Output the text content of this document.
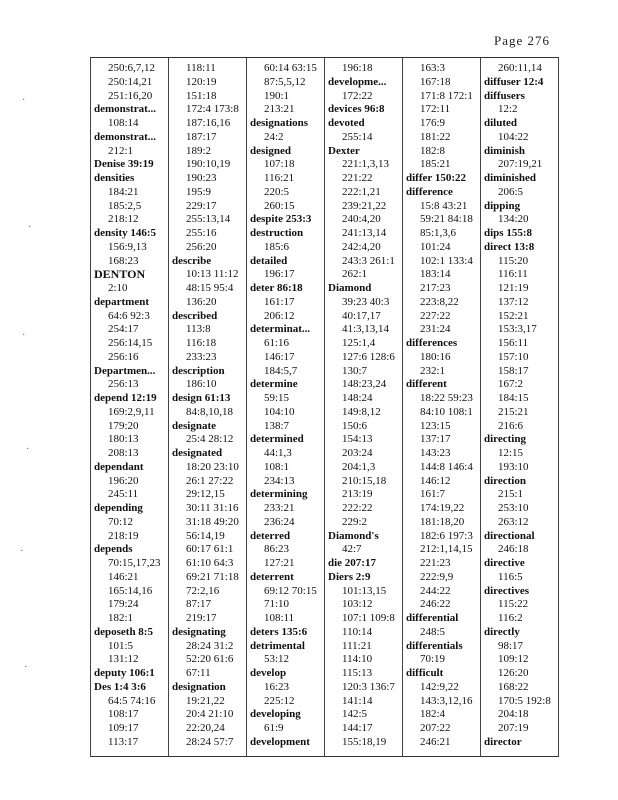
Page 276
250:6,7,12
250:14,21
251:16,20
demonstrat...
108:14
demonstrat...
212:1
Denise 39:19
densities
184:21
185:2,5
218:12
density 146:5
156:9,13
168:23
DENTON
2:10
department
64:6 92:3
254:17
256:14,15
256:16
Departmen...
256:13
depend 12:19
169:2,9,11
179:20
180:13
208:13
dependant
196:20
245:11
depending
70:12
218:19
depends
70:15,17,23
146:21
165:14,16
179:24
182:1
deposeth 8:5
101:5
131:12
deputy 106:1
Des 1:4 3:6
64:5 74:16
108:17
109:17
113:17
118:11
120:19
151:18
172:4 173:8
187:16,16
187:17
189:2
190:10,19
190:23
195:9
229:17
255:13,14
255:16
256:20
describe
10:13 11:12
48:15 95:4
136:20
described
113:8
116:18
233:23
description
186:10
design 61:13
84:8,10,18
designate
25:4 28:12
designated
18:20 23:10
26:1 27:22
29:12,15
30:11 31:16
31:18 49:20
56:14,19
60:17 61:1
61:10 64:3
69:21 71:18
72:2,16
87:17
219:17
designating
28:24 31:2
52:20 61:6
67:11
designation
19:21,22
20:4 21:10
22:20,24
28:24 57:7
60:14 63:15
87:5,5,12
190:1
213:21
designations
24:2
designed
107:18
116:21
220:5
260:15
despite 253:3
destruction
185:6
detailed
196:17
deter 86:18
161:17
206:12
determinat...
61:16
146:17
184:5,7
determine
59:15
104:10
138:7
determined
44:1,3
108:1
234:13
determining
233:21
236:24
deterred
86:23
127:21
deterrent
69:12 70:15
71:10
108:11
deters 135:6
detrimental
53:12
develop
16:23
225:12
developing
61:9
development
196:18
developme...
172:22
devices 96:8
devoted
255:14
Dexter
221:1,3,13
221:22
222:1,21
239:21,22
240:4,20
241:13,14
242:4,20
243:3 261:1
262:1
Diamond
39:23 40:3
40:17,17
41:3,13,14
125:1,4
127:6 128:6
130:7
148:23,24
148:24
149:8,12
150:6
154:13
203:24
204:1,3
210:15,18
213:19
222:22
229:2
Diamond's
42:7
die 207:17
Diers 2:9
101:13,15
103:12
107:1 109:8
110:14
111:21
114:10
115:13
120:3 136:7
141:14
142:5
144:17
155:18,19
163:3
167:18
171:8 172:1
172:11
176:9
181:22
182:8
185:21
differ 150:22
difference
15:8 43:21
59:21 84:18
85:1,3,6
101:24
102:1 133:4
183:14
217:23
223:8,22
227:22
231:24
differences
180:16
232:1
different
18:22 59:23
84:10 108:1
123:15
137:17
143:23
144:8 146:4
146:12
161:7
174:19,22
181:18,20
182:6 197:3
212:1,14,15
221:23
222:9,9
244:22
246:22
differential
248:5
differentials
70:19
difficult
142:9,22
143:3,12,16
182:4
207:22
246:21
260:11,14
diffuser 12:4
diffusers
12:2
diluted
104:22
diminish
207:19,21
diminished
206:5
dipping
134:20
dips 155:8
direct 13:8
115:20
116:11
121:19
137:12
152:21
153:3,17
156:11
157:10
158:17
167:2
184:15
215:21
216:6
directing
12:15
193:10
direction
215:1
253:10
263:12
directional
246:18
directive
116:5
directives
115:22
116:2
directly
98:17
109:12
126:20
168:22
170:5 192:8
204:18
207:19
director
·
·
·
·
·
·
